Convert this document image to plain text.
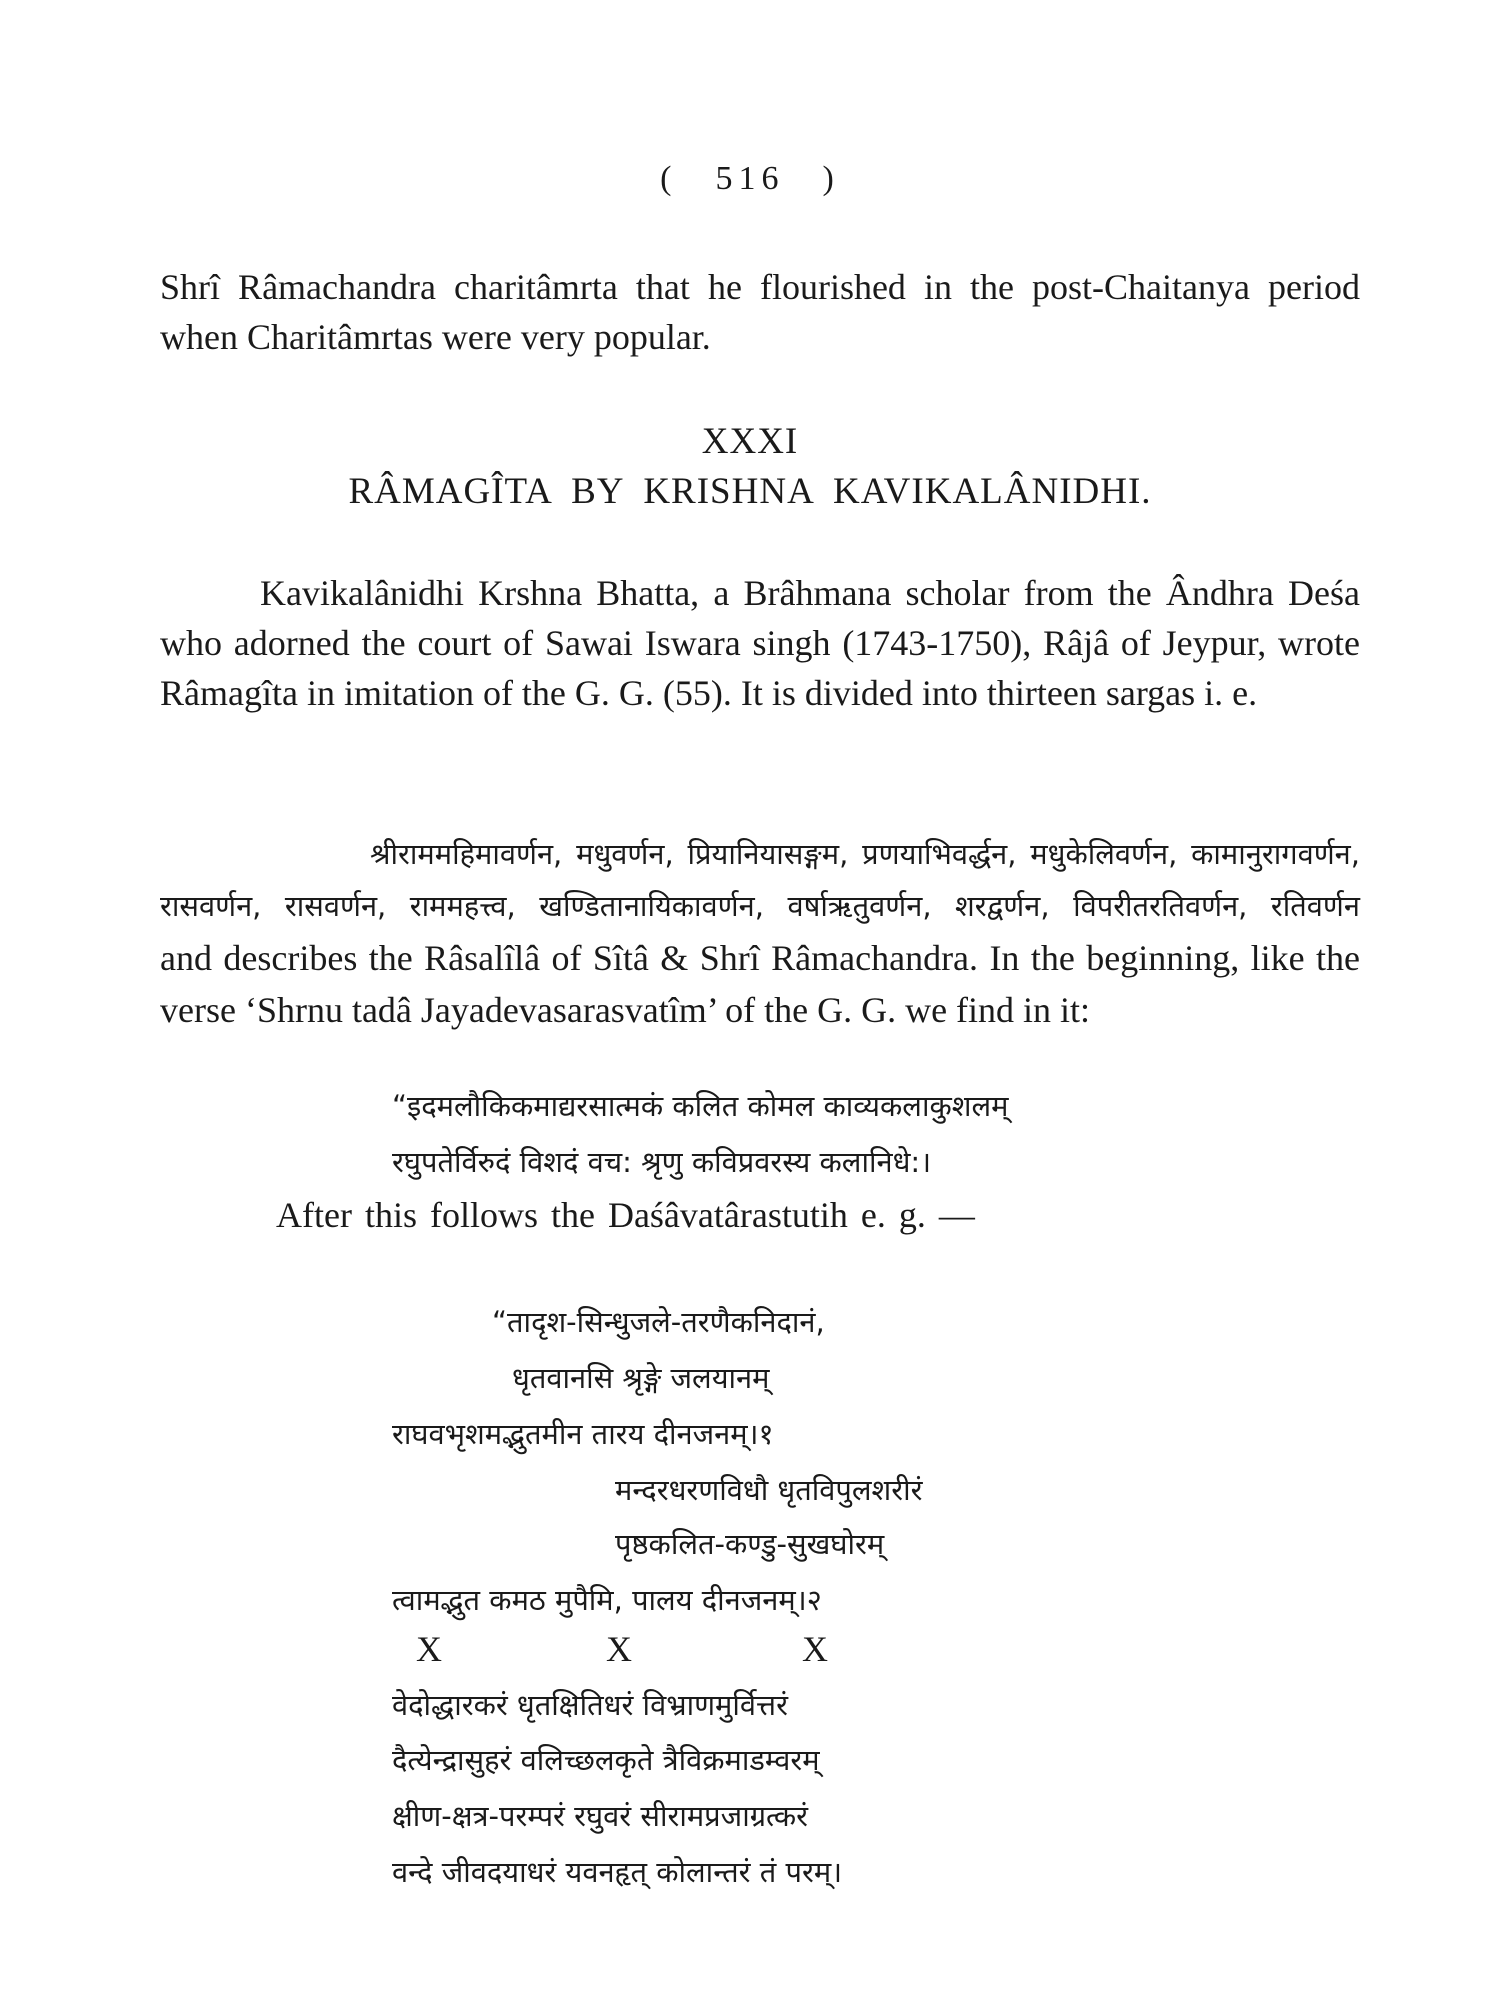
( 516 )

Shrî Râmachandra charitâmrta that he flourished in the post-Chaitanya period when Charitâmrtas were very popular.

XXXI
RÂMAGÎTA BY KRISHNA KAVIKALÂNIDHI.

Kavikalânidhi Krshna Bhatta, a Brâhmana scholar from the Ândhra Deśa who adorned the court of Sawai Iswara singh (1743-1750), Râjâ of Jeypur, wrote Râmagîta in imitation of the G. G. (55). It is divided into thirteen sargas i. e.

श्रीराममहिमावर्णन, मधुवर्णन, प्रियानियासङ्गम, प्रणयाभिवर्द्धन, मधुकेलिवर्णन, कामानुरागवर्णन,
रासवर्णन, रासवर्णन, राममहत्त्व, खण्डितानायिकावर्णन, वर्षाऋतुवर्णन, शरद्वर्णन, विपरीतरतिवर्णन, रतिवर्णन
and describes the Râsalîlâ of Sîtâ & Shrî Râmachandra. In the beginning, like the verse ‘Shrnu tadâ Jayadevasarasvatîm’ of the G. G. we find in it:
“इदमलौकिकमाद्यरसात्मकं कलित कोमल काव्यकलाकुशलम्
रघुपतेर्विरुदं विशदं वच: श्रृणु कविप्रवरस्य कलानिधे:।
After this follows the Daśâvatârastutih e. g. —
“तादृश-सिन्धुजले-तरणैकनिदानं,
धृतवानसि श्रृङ्गे जलयानम्
राघवभृशमद्भुतमीन तारय दीनजनम्।१
मन्दरधरणविधौ धृतविपुलशरीरं
पृष्ठकलित-कण्डु-सुखघोरम्
त्वामद्भुत कमठ मुपैमि, पालय दीनजनम्।२
X	X	X
वेदोद्धारकरं धृतक्षितिधरं विभ्राणमुर्वित्तरं
दैत्येन्द्रासुहरं वलिच्छलकृते त्रैविक्रमाडम्वरम्
क्षीण-क्षत्र-परम्परं रघुवरं सीरामप्रजाग्रत्करं
वन्दे जीवदयाधरं यवनहृत् कोलान्तरं तं परम्।
